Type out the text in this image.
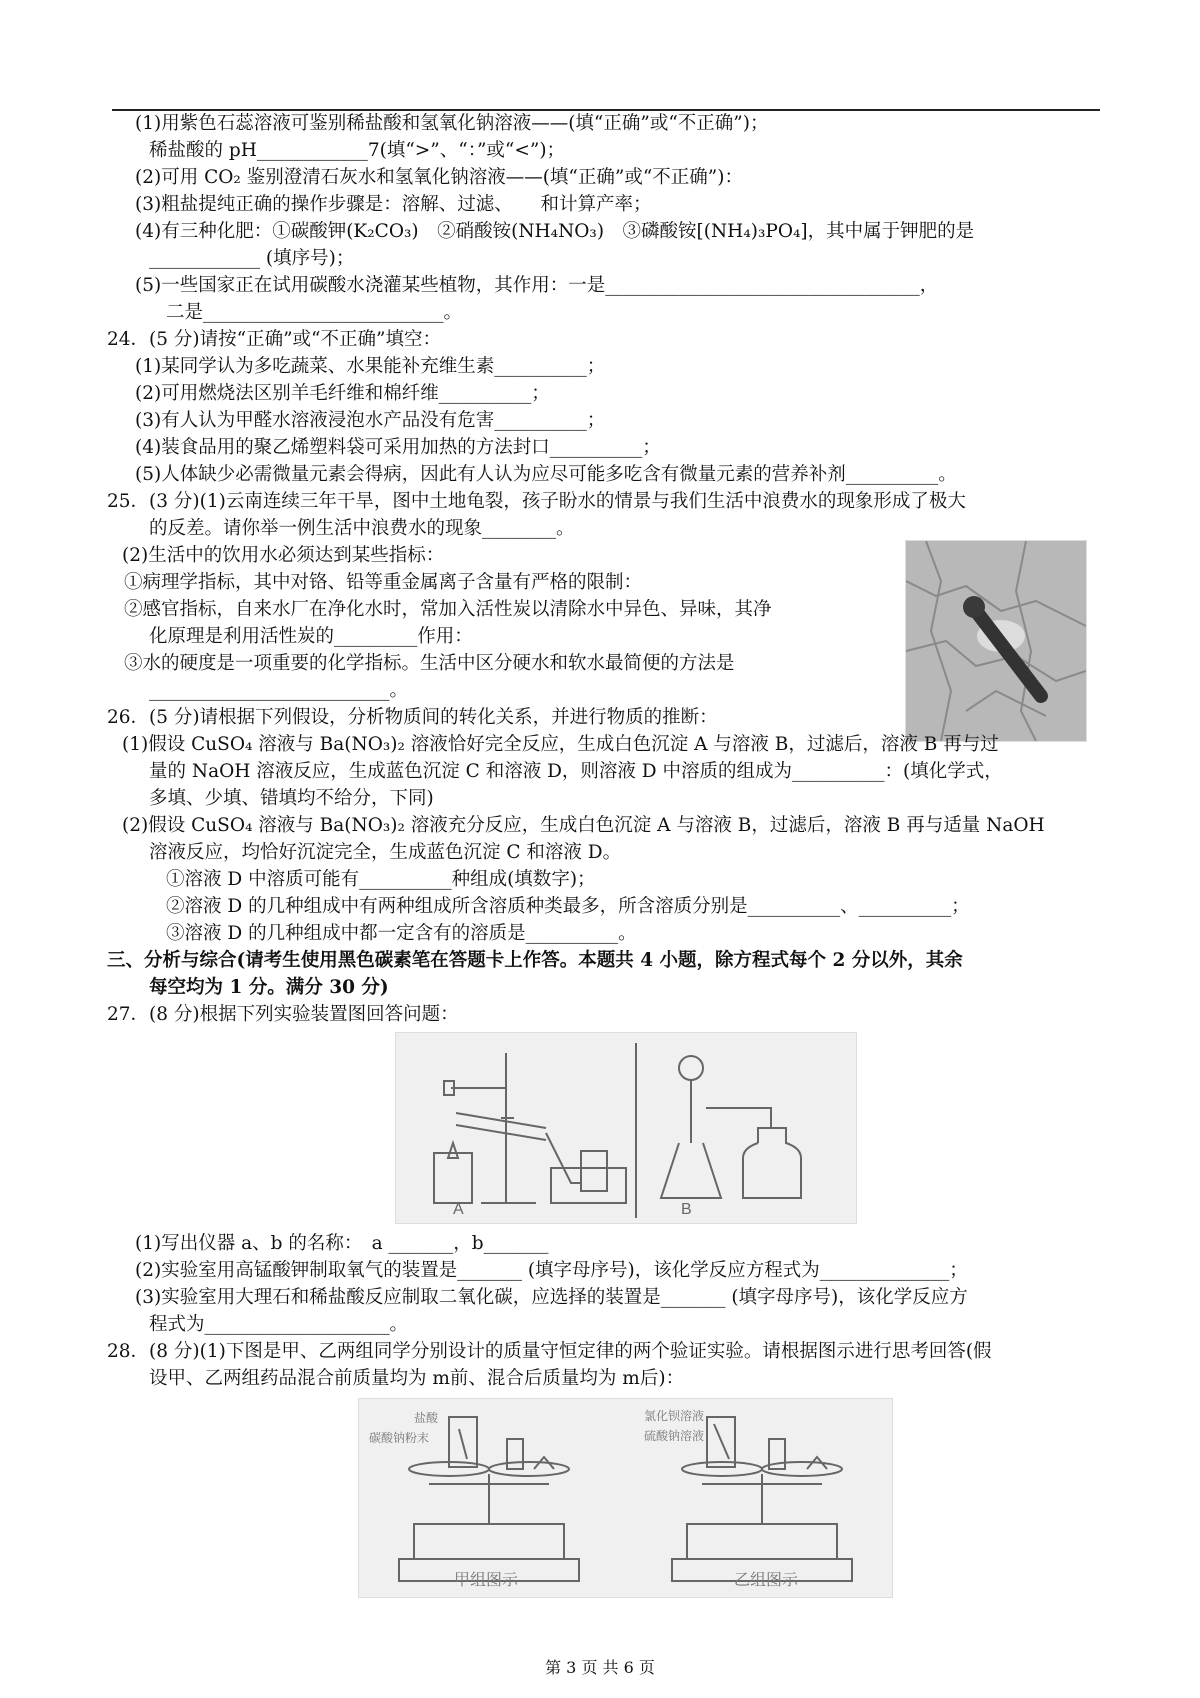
(1)用紫色石蕊溶液可鉴别稀盐酸和氢氧化钠溶液——(填“正确”或“不正确”)；
稀盐酸的 pH____________7(填“>”、“：”或“<”)；
(2)可用 CO₂ 鉴别澄清石灰水和氢氧化钠溶液——(填“正确”或“不正确”)：
(3)粗盐提纯正确的操作步骤是：溶解、过滤、　　和计算产率；
(4)有三种化肥：①碳酸钾(K₂CO₃)　②硝酸铵(NH₄NO₃)　③磷酸铵[(NH₄)₃PO₄]，其中属于钾肥的是
____________ (填序号)；
(5)一些国家正在试用碳酸水浇灌某些植物，其作用：一是__________________________________，
二是__________________________。
24．(5 分)请按“正确”或“不正确”填空：
(1)某同学认为多吃蔬菜、水果能补充维生素__________；
(2)可用燃烧法区别羊毛纤维和棉纤维__________；
(3)有人认为甲醛水溶液浸泡水产品没有危害__________；
(4)装食品用的聚乙烯塑料袋可采用加热的方法封口__________；
(5)人体缺少必需微量元素会得病，因此有人认为应尽可能多吃含有微量元素的营养补剂__________。
25．(3 分)(1)云南连续三年干旱，图中土地龟裂，孩子盼水的情景与我们生活中浪费水的现象形成了极大
的反差。请你举一例生活中浪费水的现象________。
(2)生活中的饮用水必须达到某些指标：
①病理学指标，其中对铬、铅等重金属离子含量有严格的限制：
②感官指标，自来水厂在净化水时，常加入活性炭以清除水中异色、异味，其净
化原理是利用活性炭的_________作用：
③水的硬度是一项重要的化学指标。生活中区分硬水和软水最简便的方法是
__________________________。
26．(5 分)请根据下列假设，分析物质间的转化关系，并进行物质的推断：
(1)假设 CuSO₄ 溶液与 Ba(NO₃)₂ 溶液恰好完全反应，生成白色沉淀 A 与溶液 B，过滤后，溶液 B 再与过
量的 NaOH 溶液反应，生成蓝色沉淀 C 和溶液 D，则溶液 D 中溶质的组成为__________：(填化学式，
多填、少填、错填均不给分，下同)
(2)假设 CuSO₄ 溶液与 Ba(NO₃)₂ 溶液充分反应，生成白色沉淀 A 与溶液 B，过滤后，溶液 B 再与适量 NaOH
溶液反应，均恰好沉淀完全，生成蓝色沉淀 C 和溶液 D。
①溶液 D 中溶质可能有__________种组成(填数字)；
②溶液 D 的几种组成中有两种组成所含溶质种类最多，所含溶质分别是__________、__________；
③溶液 D 的几种组成中都一定含有的溶质是__________。
三、分析与综合(请考生使用黑色碳素笔在答题卡上作答。本题共 4 小题，除方程式每个 2 分以外，其余
每空均为 1 分。满分 30 分)
27．(8 分)根据下列实验装置图回答问题：
A	B
(1)写出仪器 a、b 的名称：　a _______，b_______
(2)实验室用高锰酸钾制取氧气的装置是_______ (填字母序号)，该化学反应方程式为______________；
(3)实验室用大理石和稀盐酸反应制取二氧化碳，应选择的装置是_______ (填字母序号)，该化学反应方
程式为____________________。
28．(8 分)(1)下图是甲、乙两组同学分别设计的质量守恒定律的两个验证实验。请根据图示进行思考回答(假
设甲、乙两组药品混合前质量均为 m前、混合后质量均为 m后)：
盐酸
碳酸钠粉末
氯化钡溶液
硫酸钠溶液
甲组图示	乙组图示
第 3 页 共 6 页
